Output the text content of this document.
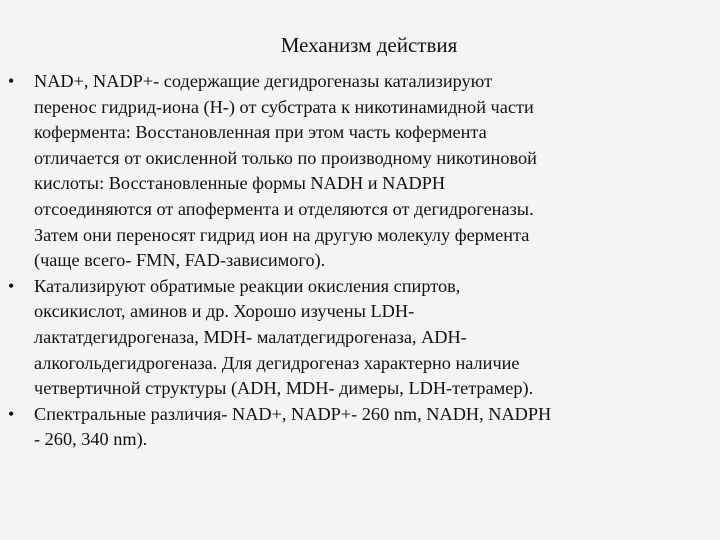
Механизм действия
• NAD+, NADP+- содержащие дегидрогеназы катализируют
перенос гидрид-иона (Н-) от субстрата к никотинамидной части
кофермента: Восстановленная при этом часть кофермента
отличается от окисленной только по производному никотиновой
кислоты: Восстановленные формы NADH и NADPH
отсоединяются от апофермента и отделяются от дегидрогеназы.
Затем они переносят гидрид ион на другую молекулу фермента
(чаще всего- FMN, FAD-зависимого).
• Катализируют обратимые реакции окисления спиртов,
оксикислот, аминов и др. Хорошо изучены LDH-
лактатдегидрогеназа, MDH- малатдегидрогеназа, ADH-
алкогольдегидрогеназа. Для дегидрогеназ характерно наличие
четвертичной структуры (ADH, MDH- димеры, LDH-тетрамер).
• Спектральные различия- NAD+, NADP+- 260 nm, NADH, NADPH
- 260, 340 nm).
